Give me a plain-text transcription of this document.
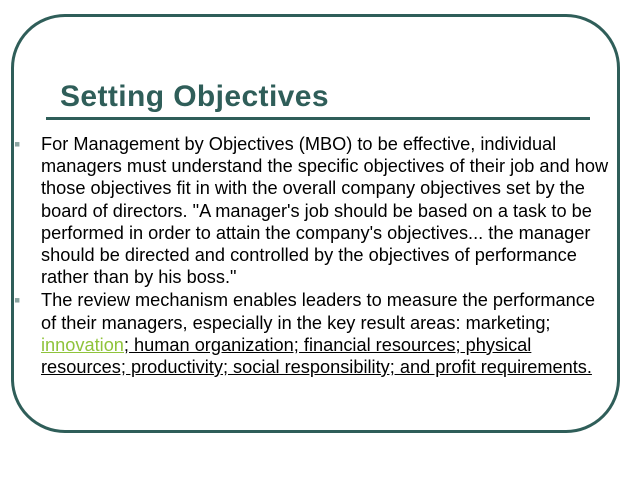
Setting Objectives
▪	For Management by Objectives (MBO) to be effective, individual managers must understand the specific objectives of their job and how those objectives fit in with the overall company objectives set by the board of directors. "A manager's job should be based on a task to be performed in order to attain the company's objectives... the manager should be directed and controlled by the objectives of performance rather than by his boss."
▪	The review mechanism enables leaders to measure the performance of their managers, especially in the key result areas: marketing; innovation; human organization; financial resources; physical resources; productivity; social responsibility; and profit requirements.
